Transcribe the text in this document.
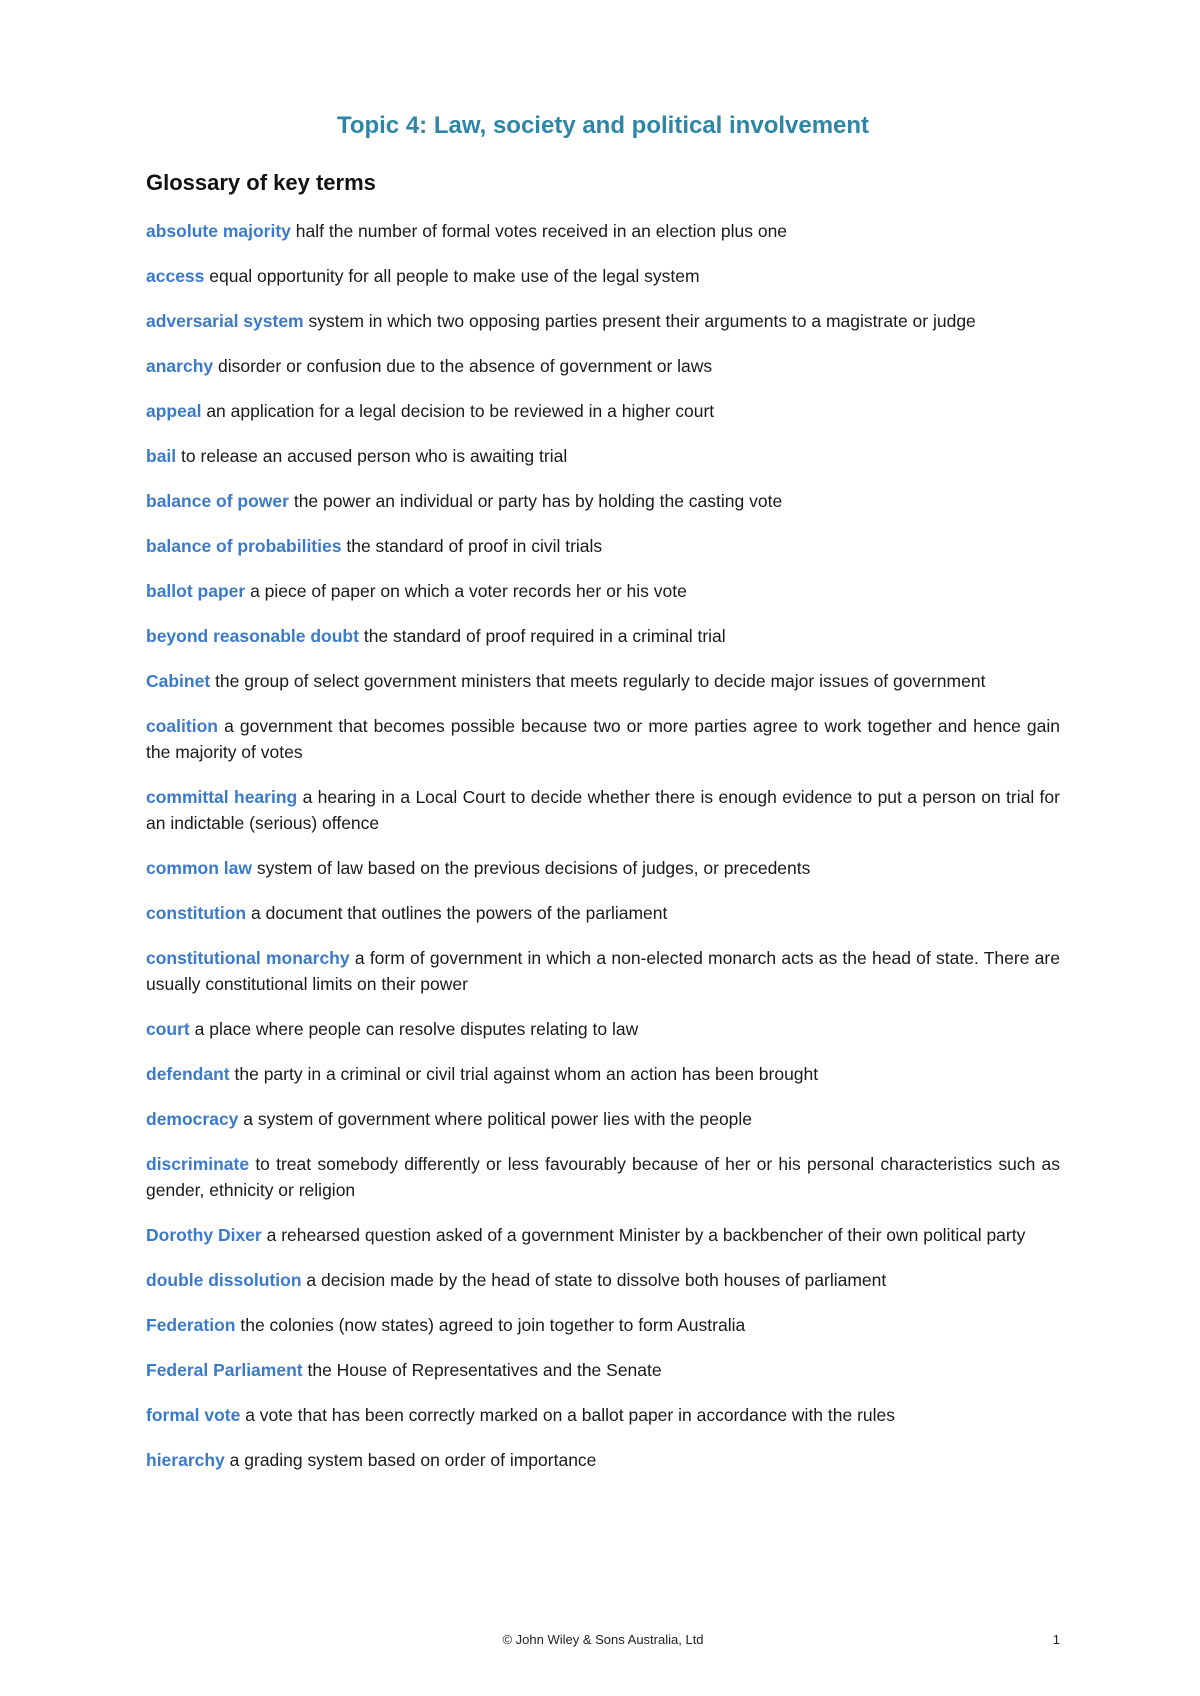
Topic 4: Law, society and political involvement
Glossary of key terms
absolute majority half the number of formal votes received in an election plus one
access equal opportunity for all people to make use of the legal system
adversarial system system in which two opposing parties present their arguments to a magistrate or judge
anarchy disorder or confusion due to the absence of government or laws
appeal an application for a legal decision to be reviewed in a higher court
bail to release an accused person who is awaiting trial
balance of power the power an individual or party has by holding the casting vote
balance of probabilities the standard of proof in civil trials
ballot paper a piece of paper on which a voter records her or his vote
beyond reasonable doubt the standard of proof required in a criminal trial
Cabinet the group of select government ministers that meets regularly to decide major issues of government
coalition a government that becomes possible because two or more parties agree to work together and hence gain the majority of votes
committal hearing a hearing in a Local Court to decide whether there is enough evidence to put a person on trial for an indictable (serious) offence
common law system of law based on the previous decisions of judges, or precedents
constitution a document that outlines the powers of the parliament
constitutional monarchy a form of government in which a non-elected monarch acts as the head of state. There are usually constitutional limits on their power
court a place where people can resolve disputes relating to law
defendant the party in a criminal or civil trial against whom an action has been brought
democracy a system of government where political power lies with the people
discriminate to treat somebody differently or less favourably because of her or his personal characteristics such as gender, ethnicity or religion
Dorothy Dixer a rehearsed question asked of a government Minister by a backbencher of their own political party
double dissolution a decision made by the head of state to dissolve both houses of parliament
Federation the colonies (now states) agreed to join together to form Australia
Federal Parliament the House of Representatives and the Senate
formal vote a vote that has been correctly marked on a ballot paper in accordance with the rules
hierarchy a grading system based on order of importance
© John Wiley & Sons Australia, Ltd	1
